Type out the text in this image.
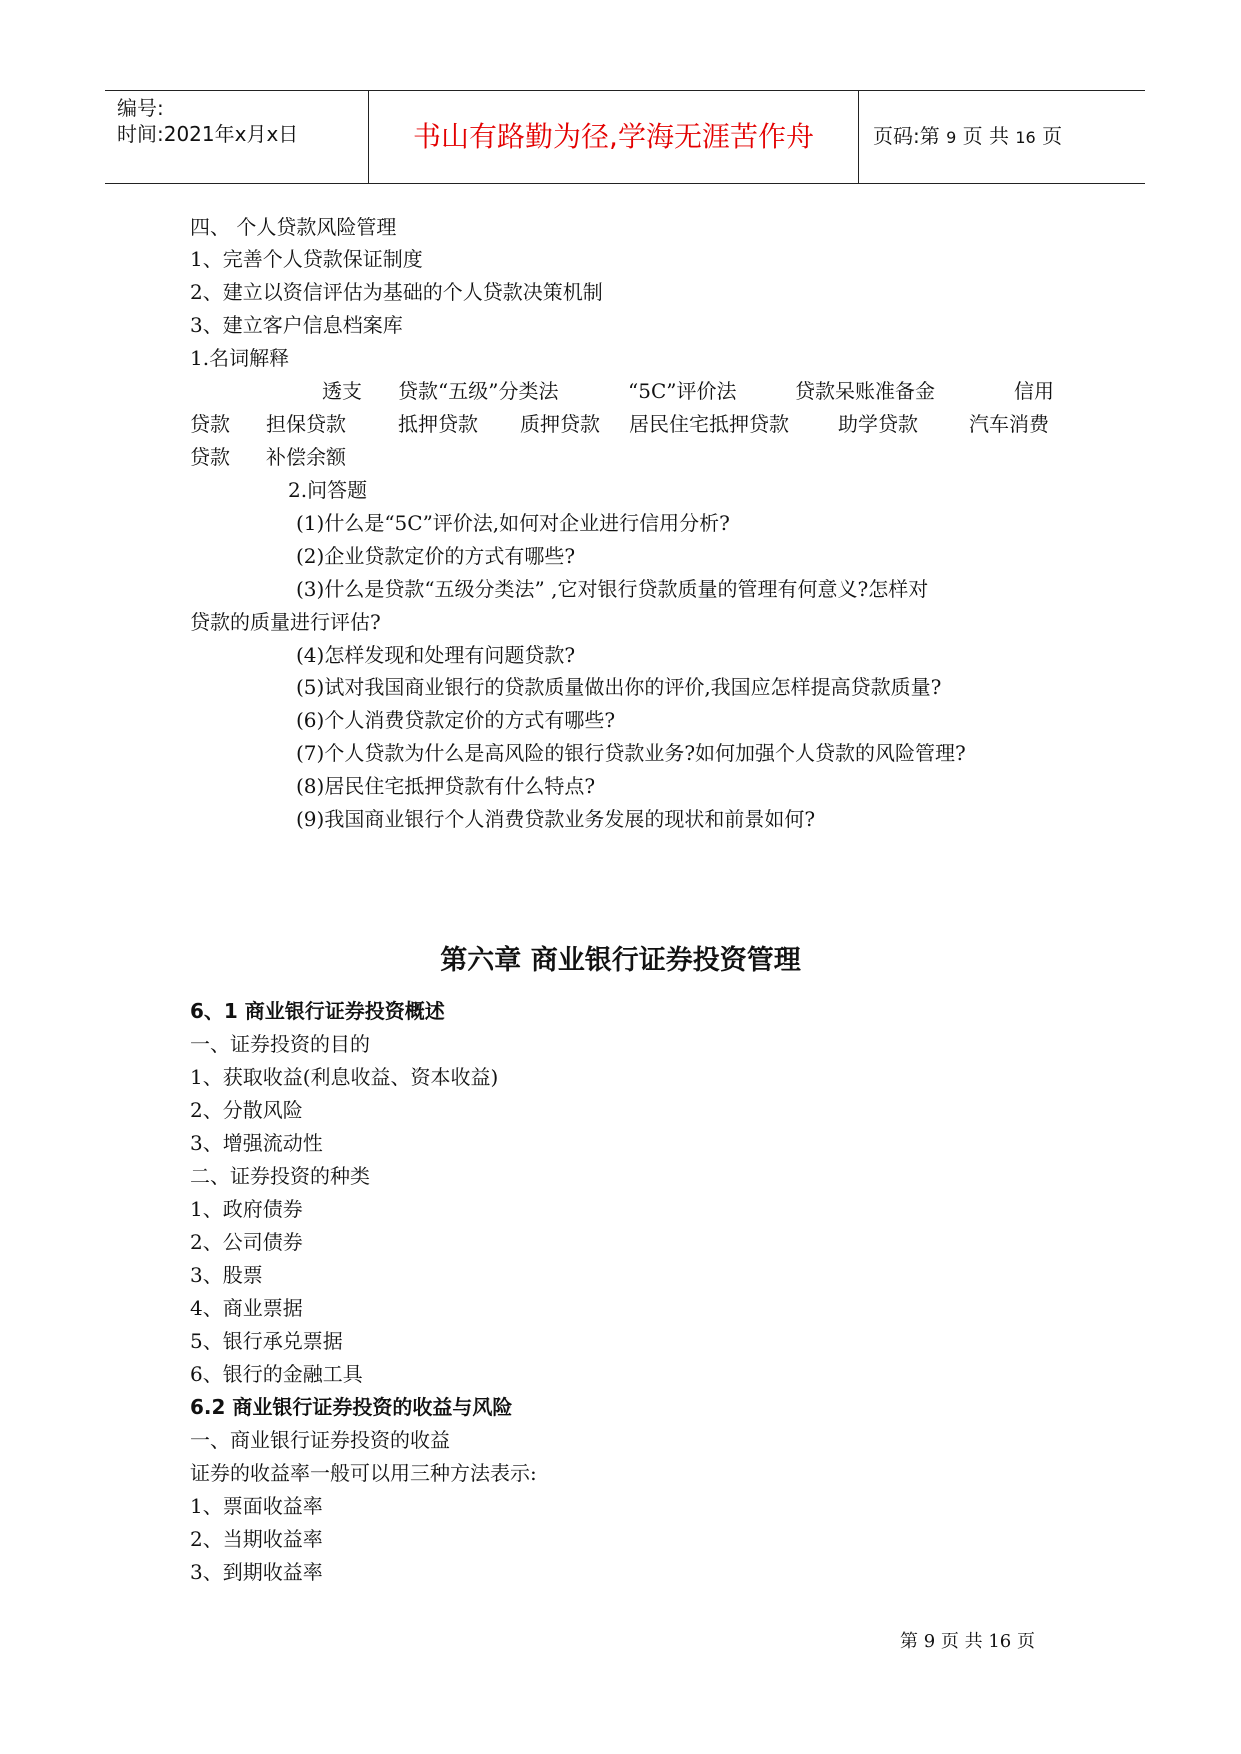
编号:
时间:2021年x月x日	书山有路勤为径,学海无涯苦作舟	页码:第 9 页 共 16 页
四、 个人贷款风险管理
1、完善个人贷款保证制度
2、建立以资信评估为基础的个人贷款决策机制
3、建立客户信息档案库
1.名词解释
透支 贷款“五级”分类法	“5C”评价法	贷款呆账准备金	信用
贷款 担保贷款	抵押贷款 质押贷款 居民住宅抵押贷款 助学贷款	汽车消费
贷款 补偿余额
2.问答题
(1)什么是“5C”评价法,如何对企业进行信用分析?
(2)企业贷款定价的方式有哪些?
(3)什么是贷款“五级分类法” ,它对银行贷款质量的管理有何意义?怎样对
贷款的质量进行评估?
(4)怎样发现和处理有问题贷款?
(5)试对我国商业银行的贷款质量做出你的评价,我国应怎样提高贷款质量?
(6)个人消费贷款定价的方式有哪些?
(7)个人贷款为什么是高风险的银行贷款业务?如何加强个人贷款的风险管理?
(8)居民住宅抵押贷款有什么特点?
(9)我国商业银行个人消费贷款业务发展的现状和前景如何?
第六章 商业银行证券投资管理
6、1 商业银行证券投资概述
一、证券投资的目的
1、获取收益(利息收益、资本收益)
2、分散风险
3、增强流动性
二、证券投资的种类
1、政府债券
2、公司债券
3、股票
4、商业票据
5、银行承兑票据
6、银行的金融工具
6.2 商业银行证券投资的收益与风险
一、商业银行证券投资的收益
证券的收益率一般可以用三种方法表示:
1、票面收益率
2、当期收益率
3、到期收益率
第 9 页 共 16 页
